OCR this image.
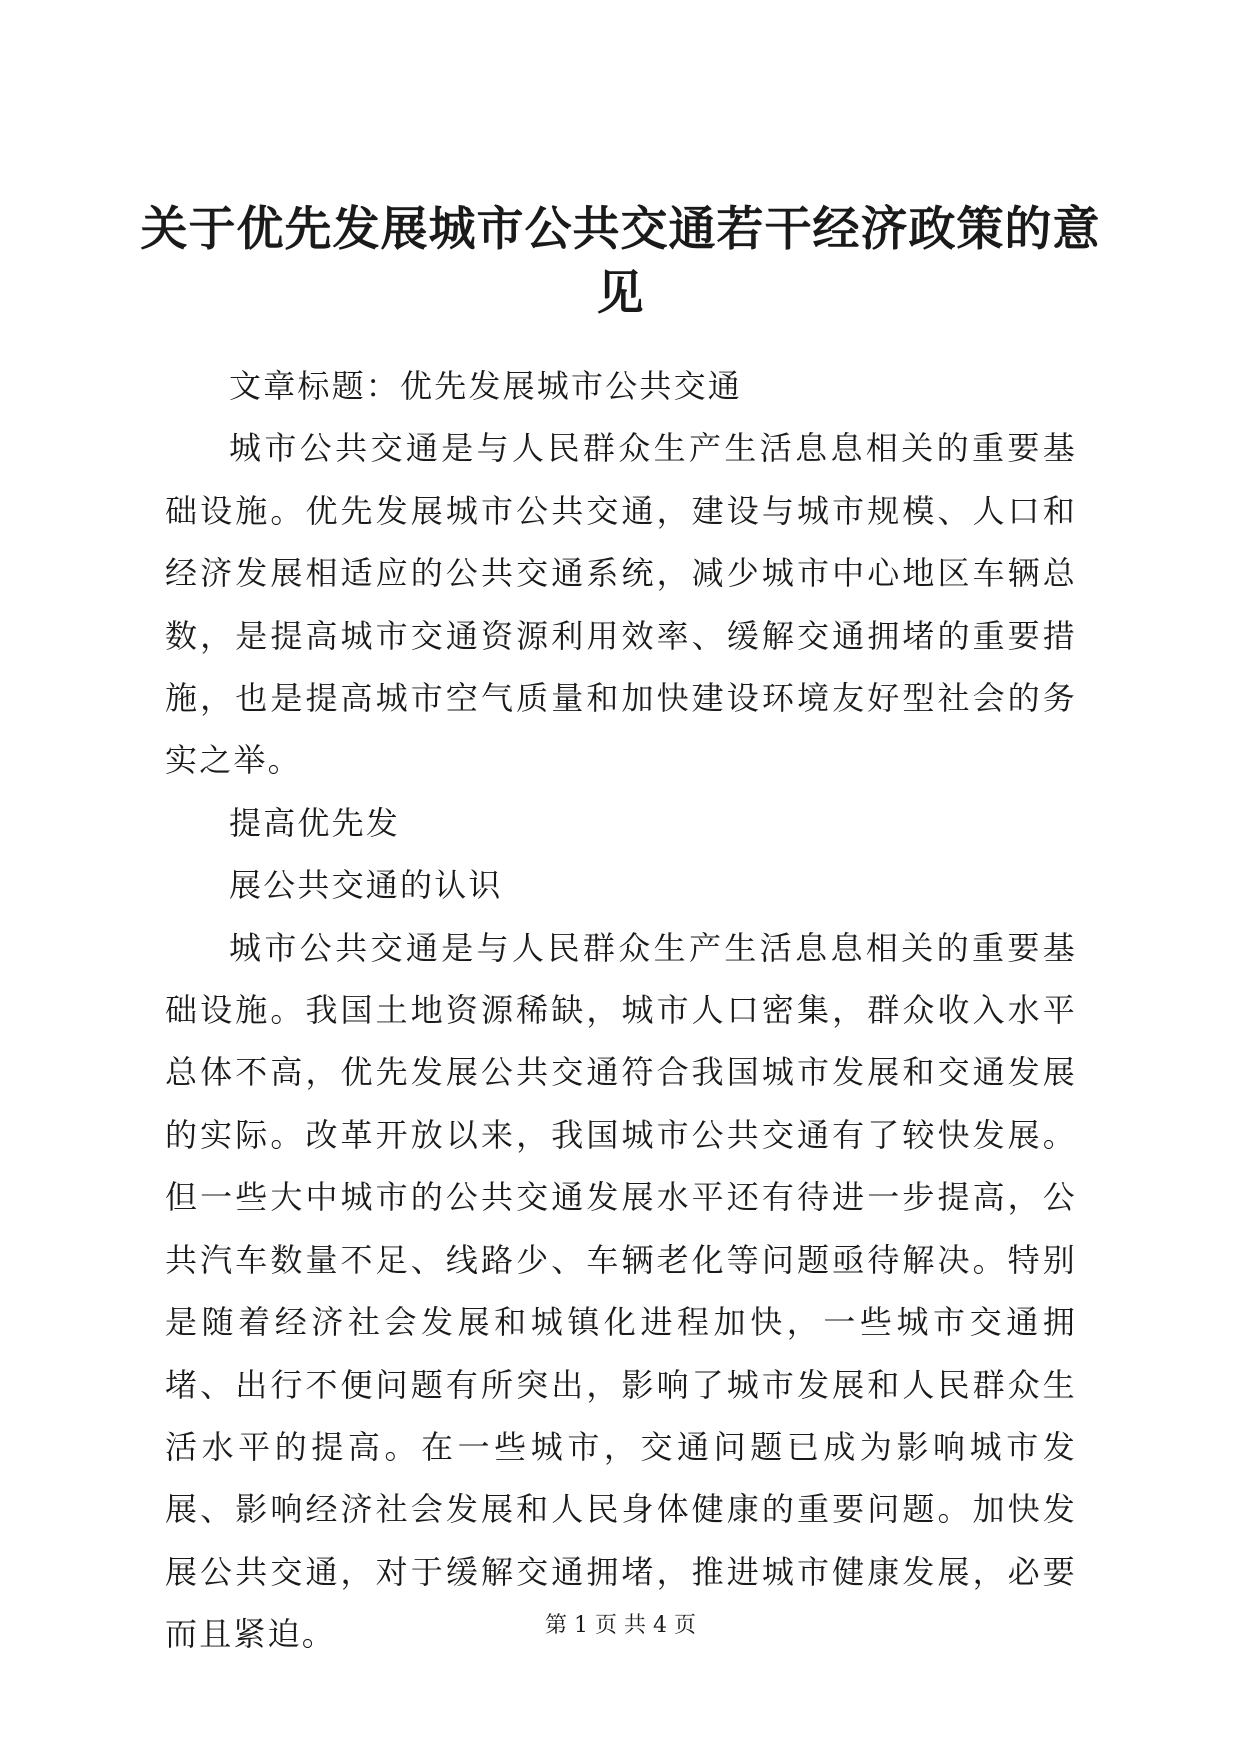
关于优先发展城市公共交通若干经济政策的意见

文章标题：优先发展城市公共交通

城市公共交通是与人民群众生产生活息息相关的重要基础设施。优先发展城市公共交通，建设与城市规模、人口和经济发展相适应的公共交通系统，减少城市中心地区车辆总数，是提高城市交通资源利用效率、缓解交通拥堵的重要措施，也是提高城市空气质量和加快建设环境友好型社会的务实之举。

提高优先发

展公共交通的认识

城市公共交通是与人民群众生产生活息息相关的重要基础设施。我国土地资源稀缺，城市人口密集，群众收入水平总体不高，优先发展公共交通符合我国城市发展和交通发展的实际。改革开放以来，我国城市公共交通有了较快发展。但一些大中城市的公共交通发展水平还有待进一步提高，公共汽车数量不足、线路少、车辆老化等问题亟待解决。特别是随着经济社会发展和城镇化进程加快，一些城市交通拥堵、出行不便问题有所突出，影响了城市发展和人民群众生活水平的提高。在一些城市，交通问题已成为影响城市发展、影响经济社会发展和人民身体健康的重要问题。加快发展公共交通，对于缓解交通拥堵，推进城市健康发展，必要而且紧迫。	第 1 页 共 4 页
